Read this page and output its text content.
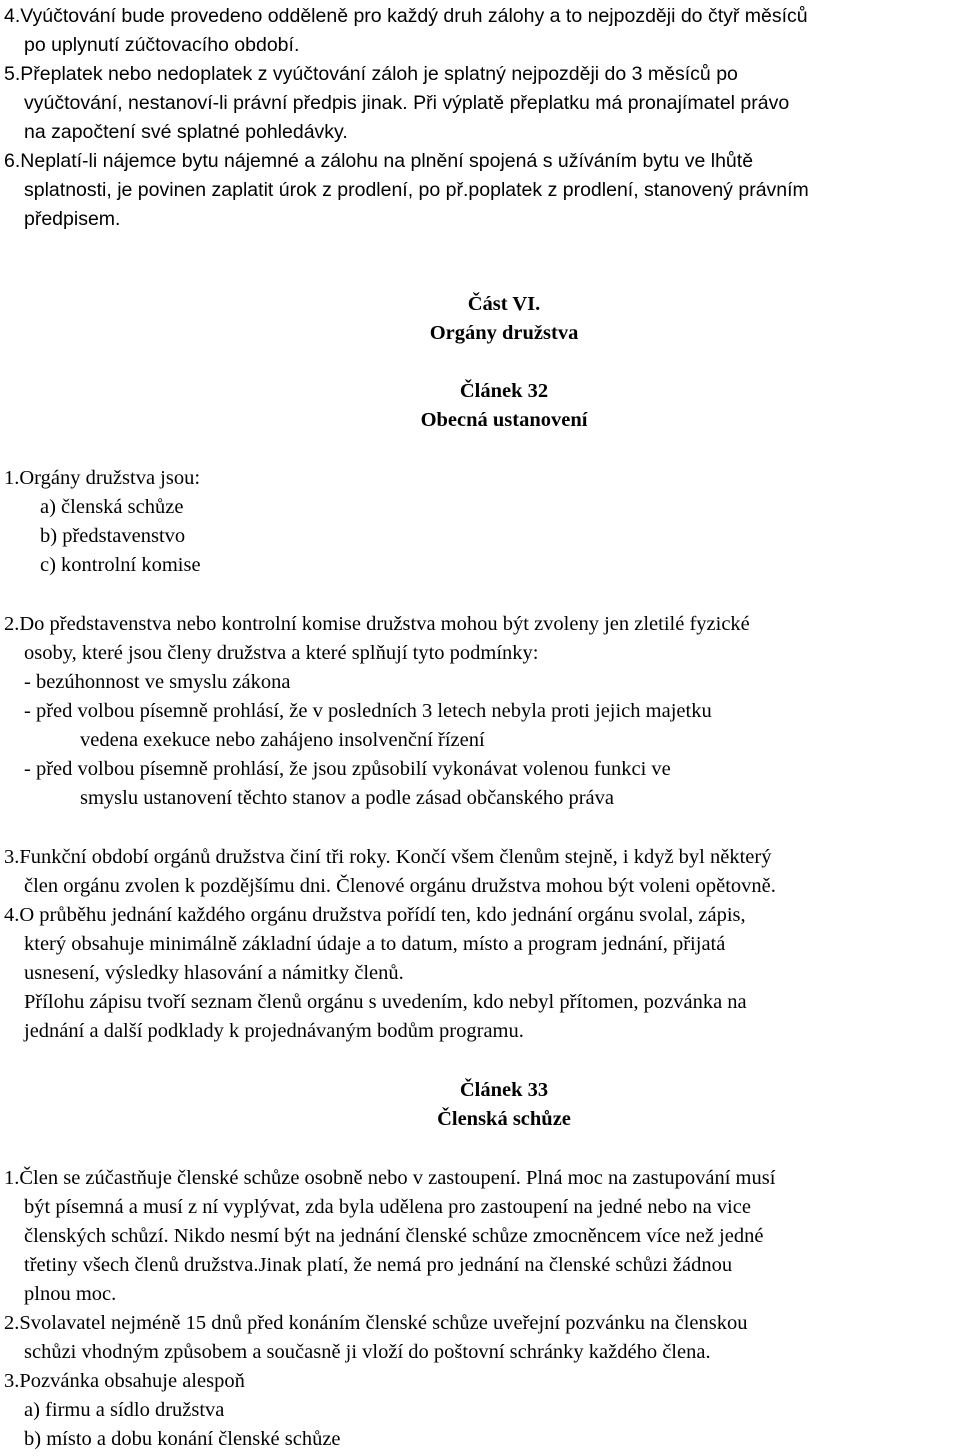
4.Vyúčtování bude provedeno odděleně pro každý druh zálohy a to nejpozději do čtyř měsíců
po uplynutí zúčtovacího období.
5.Přeplatek nebo nedoplatek z vyúčtování záloh je splatný nejpozději do 3 měsíců po
vyúčtování, nestanoví-li právní předpis jinak. Při výplatě přeplatku má pronajímatel právo
na započtení své splatné pohledávky.
6.Neplatí-li nájemce bytu nájemné a zálohu na plnění spojená s užíváním bytu ve lhůtě
splatnosti, je povinen zaplatit úrok z prodlení, po př.poplatek z prodlení, stanovený právním
předpisem.
Část VI.
Orgány družstva
Článek 32
Obecná ustanovení
1.Orgány družstva jsou:
a) členská schůze
b) představenstvo
c) kontrolní komise
2.Do představenstva nebo kontrolní komise družstva mohou být zvoleny jen zletilé fyzické
osoby, které jsou členy družstva a které splňují tyto podmínky:
- bezúhonnost ve smyslu zákona
- před volbou písemně prohlásí, že v posledních 3 letech nebyla proti jejich majetku
vedena exekuce nebo zahájeno insolvenční řízení
- před volbou písemně prohlásí, že jsou způsobilí vykonávat volenou funkci ve
smyslu ustanovení těchto stanov a podle zásad občanského práva
3.Funkční období orgánů družstva činí tři roky. Končí všem členům stejně, i když byl některý
člen orgánu zvolen k pozdějšímu dni. Členové orgánu družstva mohou být voleni opětovně.
4.O průběhu jednání každého orgánu družstva pořídí ten, kdo jednání orgánu svolal, zápis,
který obsahuje minimálně základní údaje a to datum, místo a program jednání, přijatá
usnesení, výsledky hlasování a námitky členů.
Přílohu zápisu tvoří seznam členů orgánu s uvedením, kdo nebyl přítomen, pozvánka na
jednání a další podklady k projednávaným bodům programu.
Článek 33
Členská schůze
1.Člen se zúčastňuje členské schůze osobně nebo v zastoupení. Plná moc na zastupování musí
být písemná a musí z ní vyplývat, zda byla udělena pro zastoupení na jedné nebo na vice
členských schůzí. Nikdo nesmí být na jednání členské schůze zmocněncem více než jedné
třetiny všech členů družstva.Jinak platí, že nemá pro jednání na členské schůzi žádnou
plnou moc.
2.Svolavatel nejméně 15 dnů před konáním členské schůze uveřejní pozvánku na členskou
schůzi vhodným způsobem a současně ji vloží do poštovní schránky každého člena.
3.Pozvánka obsahuje alespoň
a) firmu a sídlo družstva
b) místo a dobu konání členské schůze
